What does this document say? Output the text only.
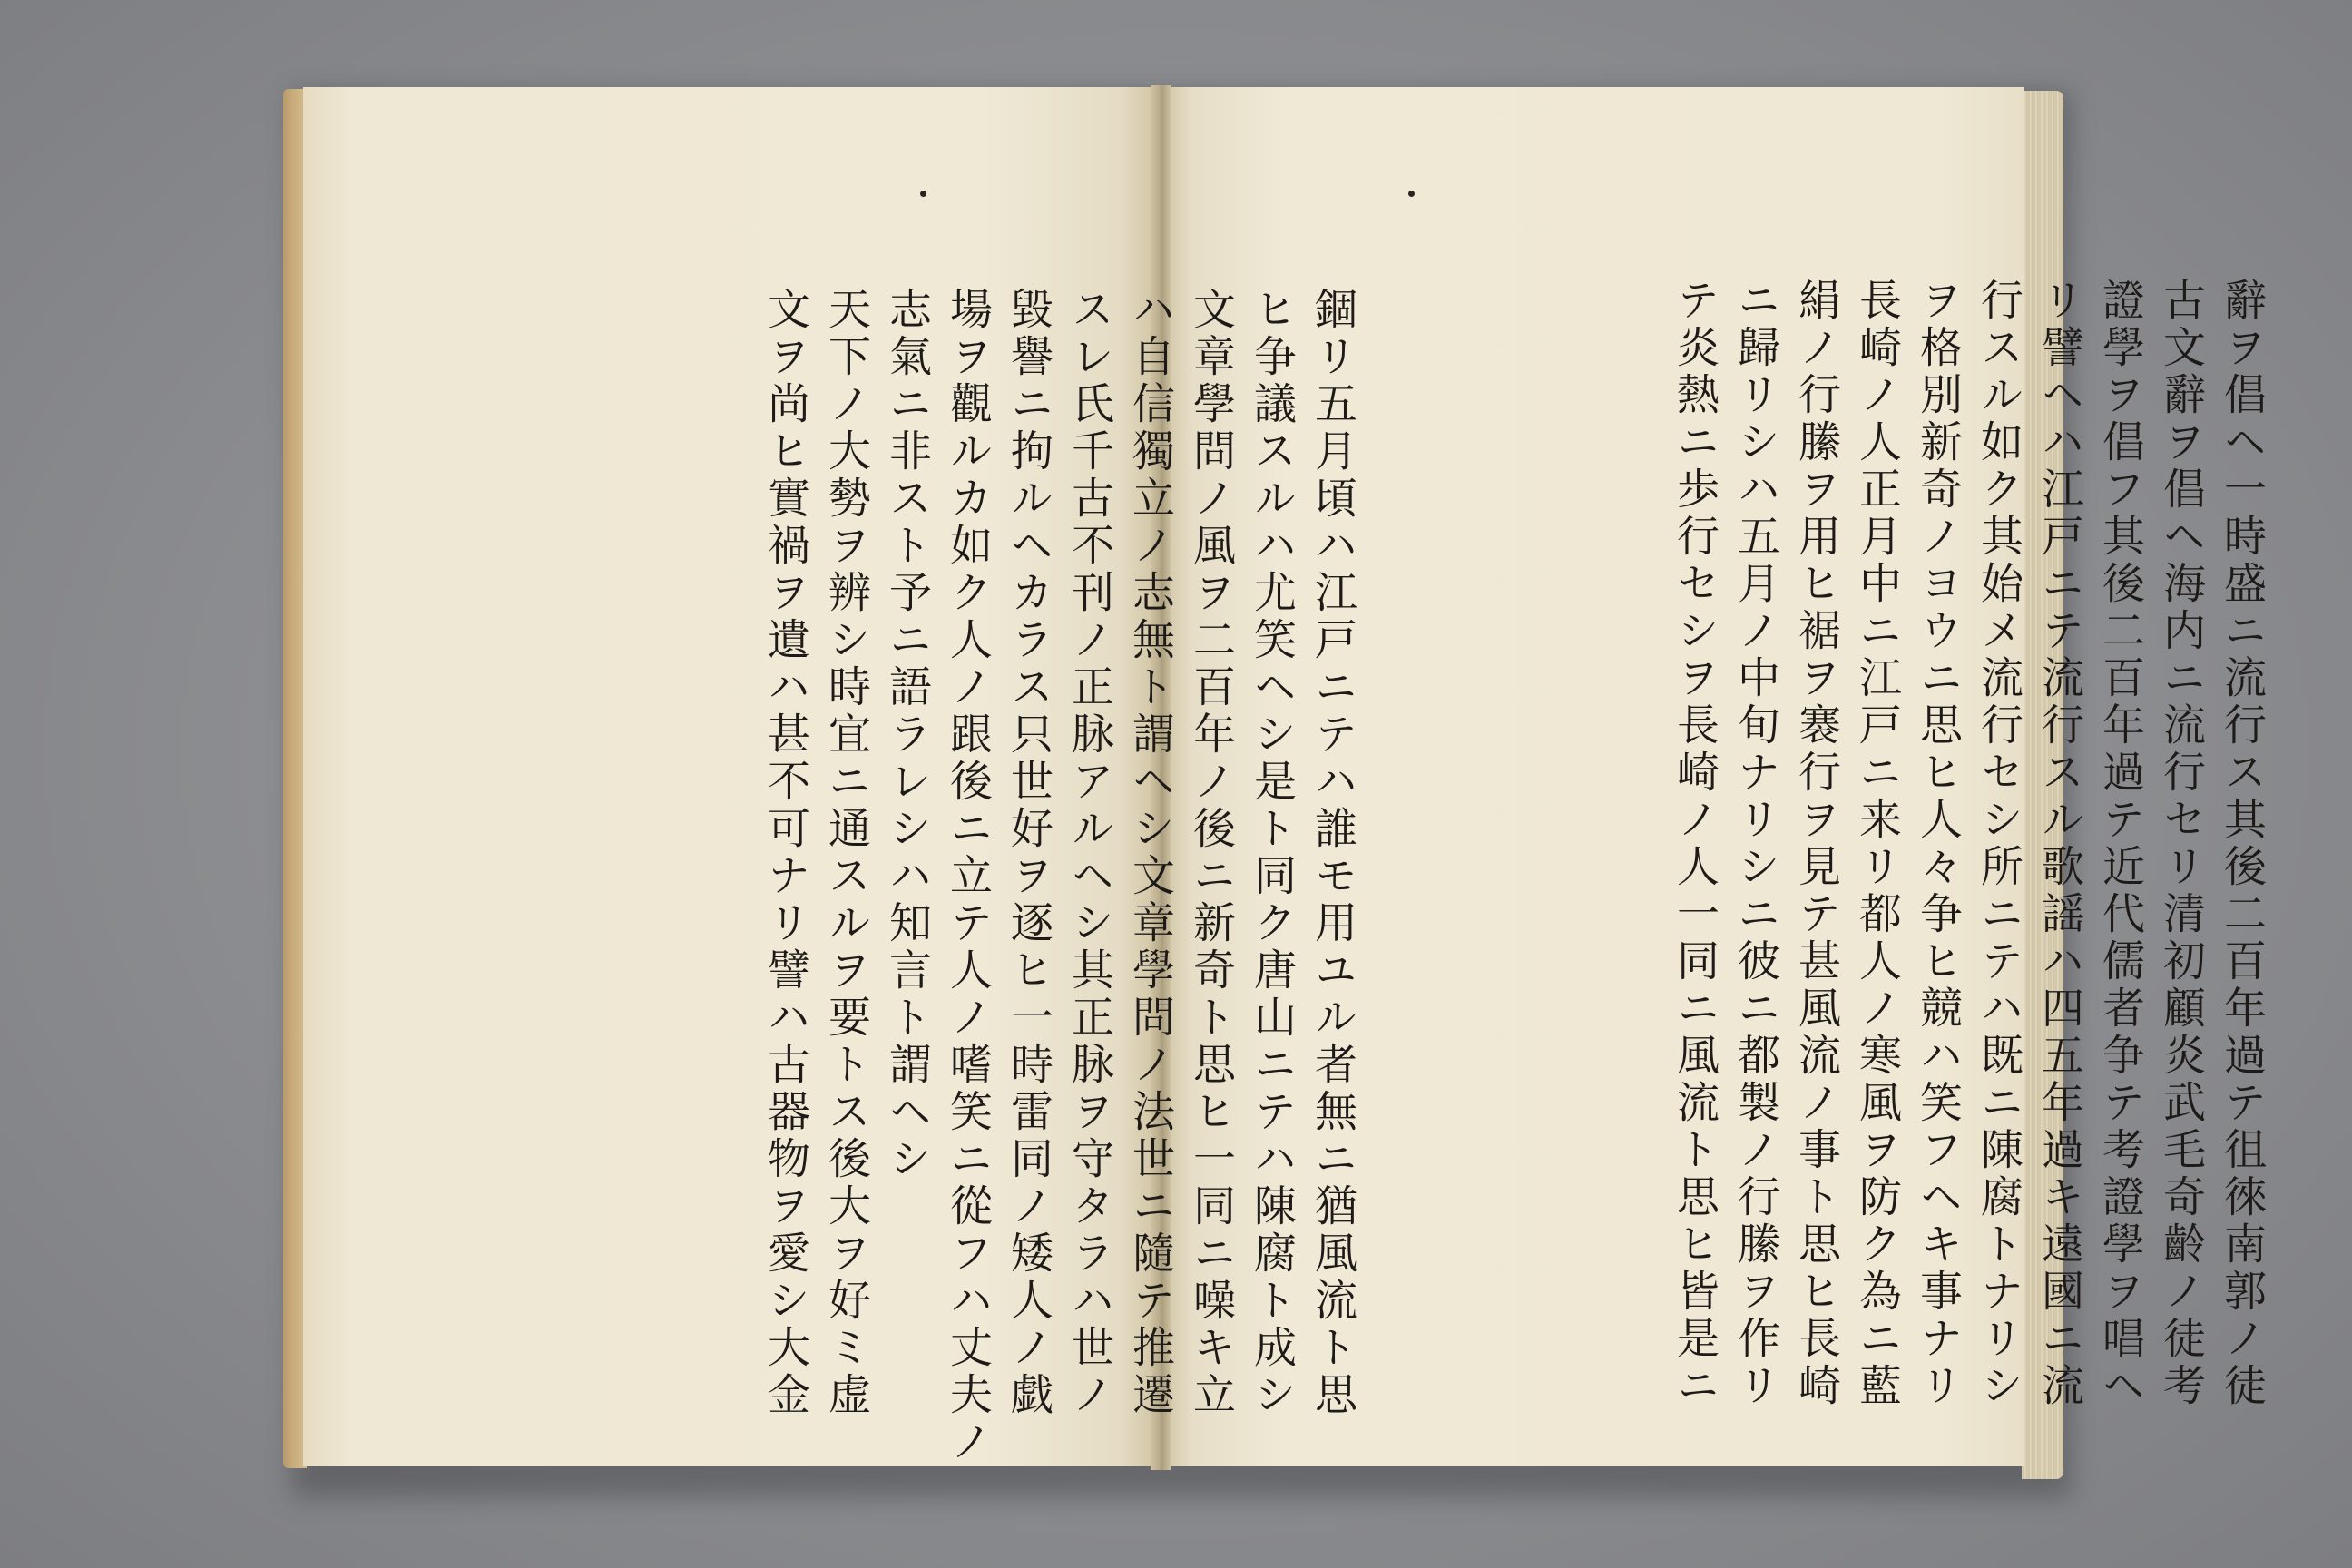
錮リ五月頃ハ江戸ニテハ誰モ用ユル者無ニ猶風流ト思
ヒ争議スルハ尤笑ヘシ是ト同ク唐山ニテハ陳腐ト成シ
文章學問ノ風ヲ二百年ノ後ニ新奇ト思ヒ一同ニ噪キ立
ハ自信獨立ノ志無ト謂ヘシ文章學問ノ法世ニ隨テ推遷
スレ氏千古不刊ノ正脉アルヘシ其正脉ヲ守タラハ世ノ
毀譽ニ拘ルヘカラス只世好ヲ逐ヒ一時雷同ノ矮人ノ戯
場ヲ觀ルカ如ク人ノ跟後ニ立テ人ノ嗜笑ニ從フハ丈夫ノ
志氣ニ非スト予ニ語ラレシハ知言ト謂ヘシ
天下ノ大勢ヲ辨シ時宜ニ通スルヲ要トス後大ヲ好ミ虚
文ヲ尚ヒ實禍ヲ遺ハ甚不可ナリ譬ハ古器物ヲ愛シ大金	辭ヲ倡ヘ一時盛ニ流行ス其後二百年過テ徂徠南郭ノ徒
古文辭ヲ倡ヘ海内ニ流行セリ清初顧炎武毛奇齡ノ徒考
證學ヲ倡フ其後二百年過テ近代儒者争テ考證學ヲ唱ヘ
リ譬ヘハ江戸ニテ流行スル歌謡ハ四五年過キ遠國ニ流
行スル如ク其始メ流行セシ所ニテハ既ニ陳腐トナリシ
ヲ格別新奇ノヨウニ思ヒ人々争ヒ競ハ笑フヘキ事ナリ
長崎ノ人正月中ニ江戸ニ来リ都人ノ寒風ヲ防ク為ニ藍
絹ノ行縢ヲ用ヒ裾ヲ褰行ヲ見テ甚風流ノ事ト思ヒ長崎
ニ歸リシハ五月ノ中旬ナリシニ彼ニ都製ノ行縢ヲ作リ
テ炎熱ニ歩行セシヲ長崎ノ人一同ニ風流ト思ヒ皆是ニ
